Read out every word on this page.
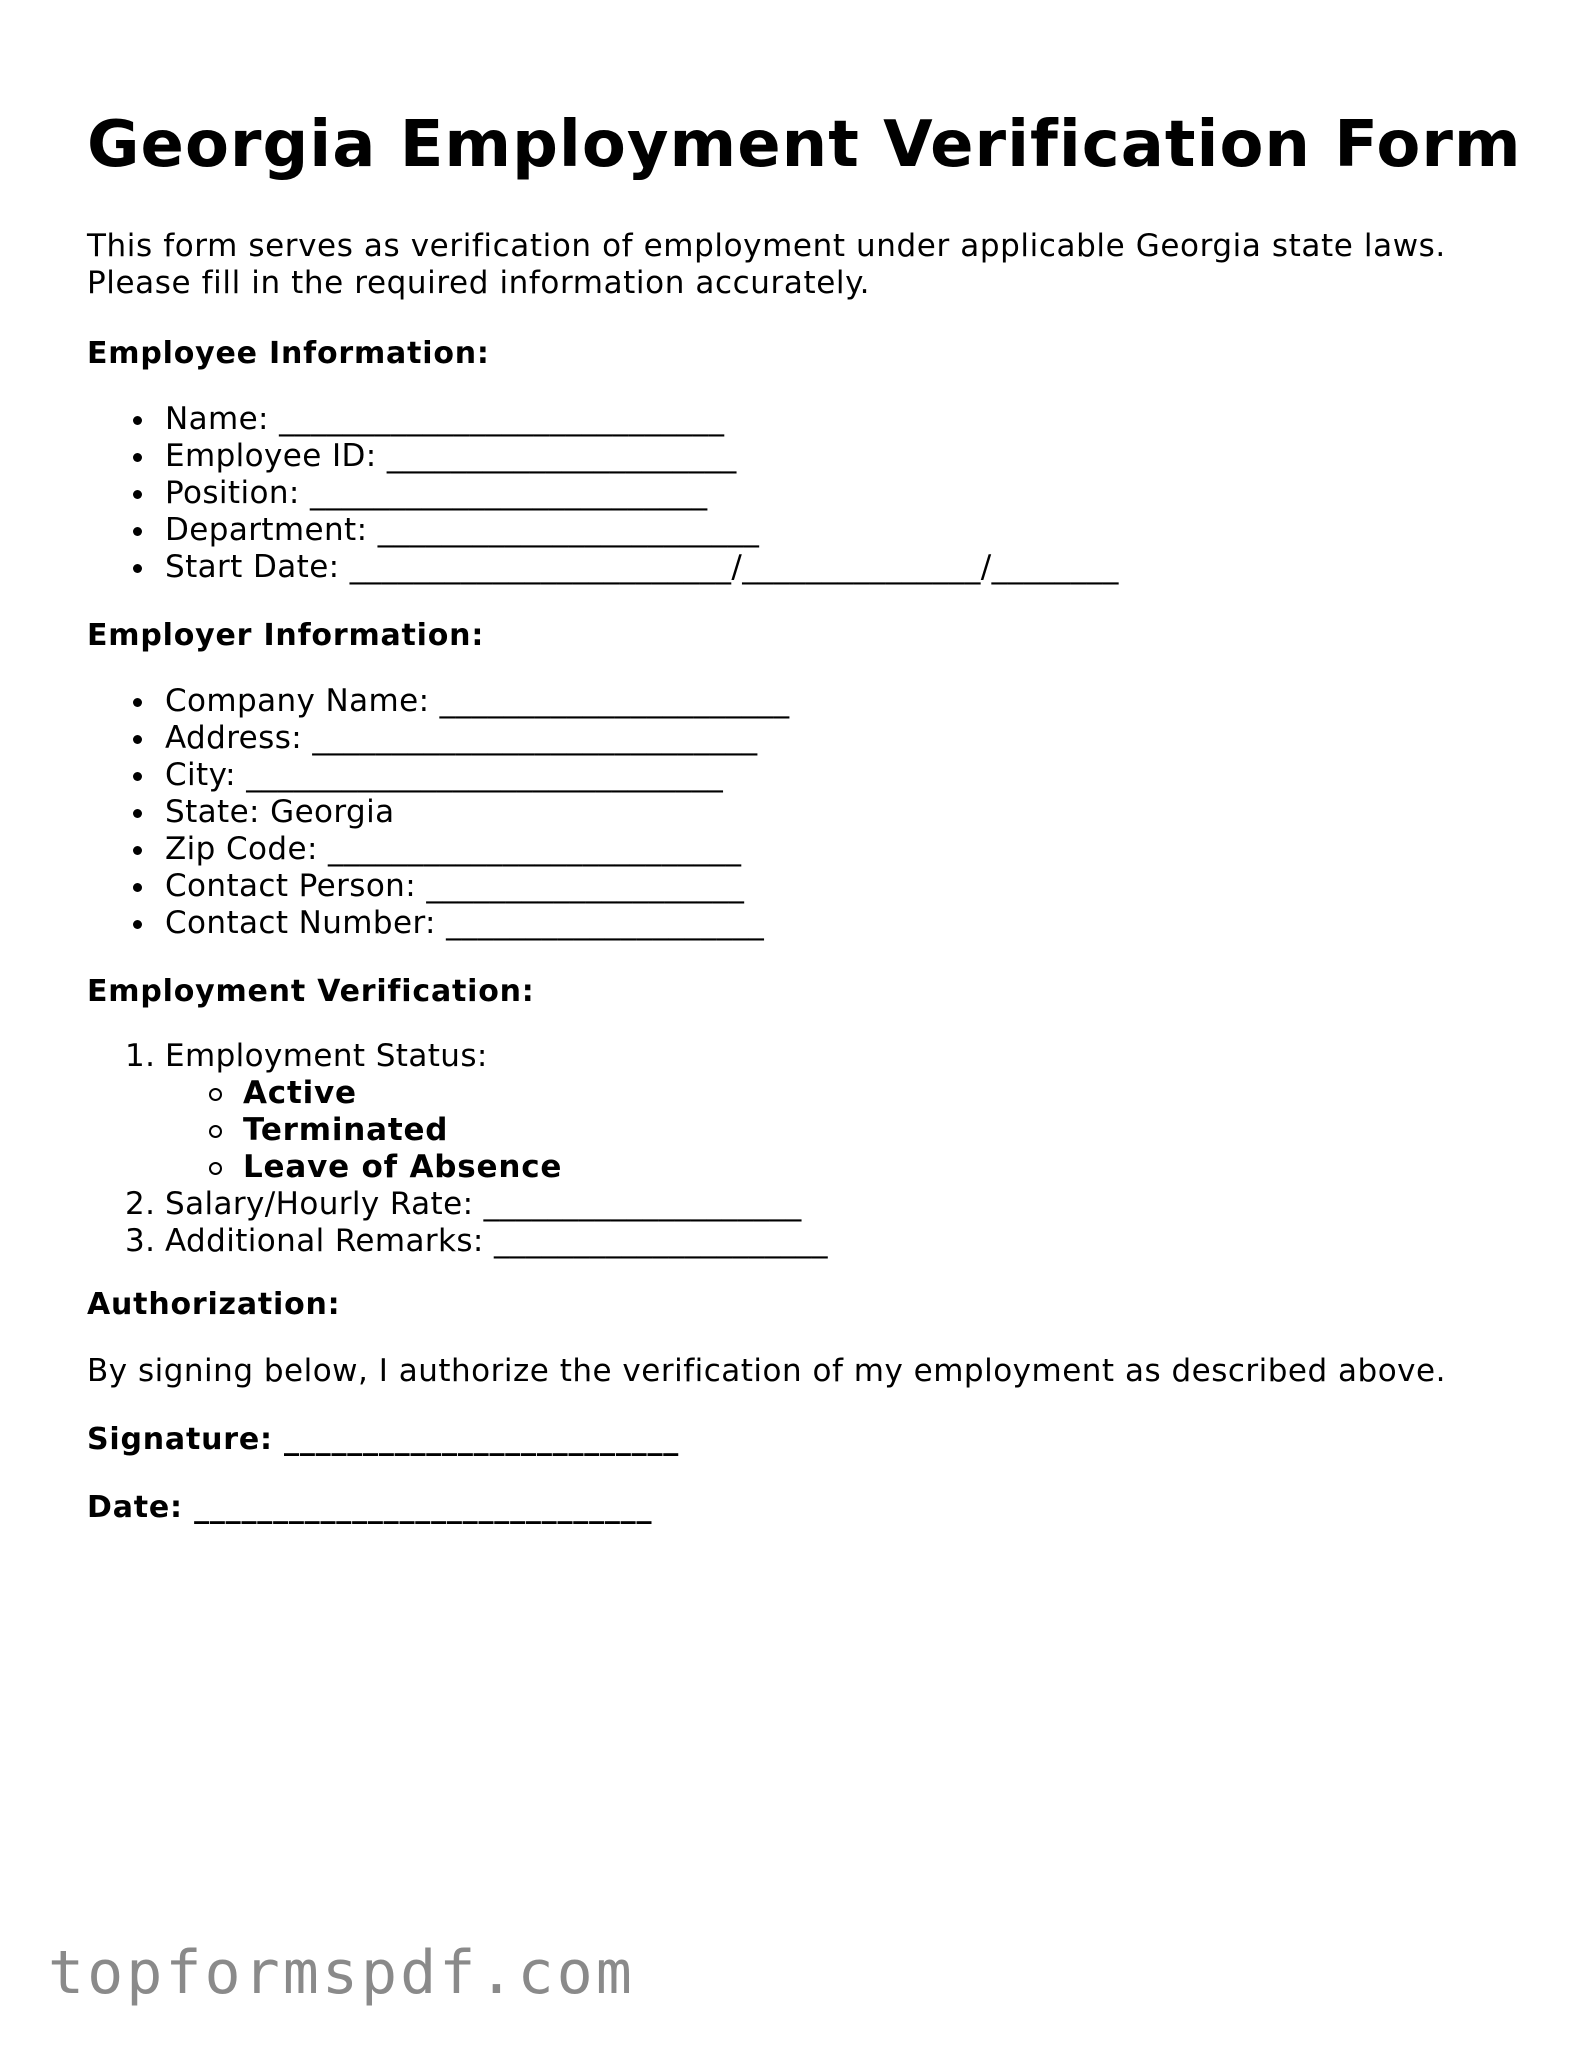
Georgia Employment Verification Form

This form serves as verification of employment under applicable Georgia state laws.
Please fill in the required information accurately.

Employee Information:
Name: ____________________________
Employee ID: ______________________
Position: _________________________
Department: ________________________
Start Date: ________________________/_______________/________
Employer Information:
Company Name: ______________________
Address: ____________________________
City: ______________________________
State: Georgia
Zip Code: __________________________
Contact Person: ____________________
Contact Number: ____________________
Employment Verification:
1. Employment Status:
Active
Terminated
Leave of Absence
2. Salary/Hourly Rate: ____________________
3. Additional Remarks: _____________________
Authorization:

By signing below, I authorize the verification of my employment as described above.

Signature: _________________________

Date: _____________________________

topformspdf.com
